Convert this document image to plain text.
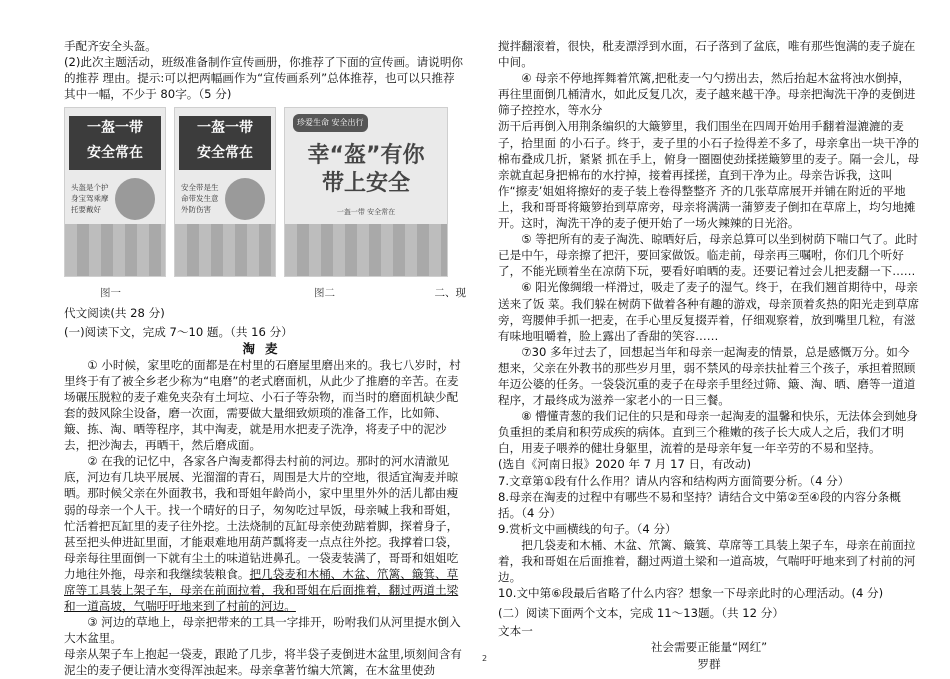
手配齐安全头盔。

(2)此次主题活动，班级准备制作宣传画册，你推荐了下面的宣传画。请说明你的推荐 理由。提示:可以把两幅画作为“宣传画系列”总体推荐，也可以只推荐其中一幅，不少于 80字。（5 分)

一盔一带
安全常在
头盔是个护身宝驾乘摩托要戴好
一盔一带
安全常在
安全带是生命带发生意外防伤害
珍爱生命 安全出行
幸“盔”有你
带上安全
一盔一带 安全常在
图一	图二	二、现

代文阅读(共 28 分)

(一)阅读下文，完成 7〜10 题。（共 16 分）

淘麦

① 小时候，家里吃的面都是在村里的石磨屋里磨出来的。我七八岁时，村里终于有了被全乡老少称为“电磨”的老式磨面机，从此少了推磨的辛苦。在麦场碾压脱粒的麦子难免夹杂有土坷垃、小石子等杂物，而当时的磨面机缺少配套的鼓风除尘设备，磨一次面，需要做大量细致烦琐的准备工作，比如筛、簸、拣、淘、晒等程序，其中淘麦，就是用水把麦子洗净，将麦子中的泥沙去，把沙淘去，再晒干，然后磨成面。

② 在我的记忆中，各家各户淘麦都得去村前的河边。那时的河水清澈见底，河边有几块平展展、光溜溜的青石，周围是大片的空地，很适宜淘麦并晾晒。那时候父亲在外面教书，我和哥姐年龄尚小，家中里里外外的活儿都由瘦弱的母亲一个人干。找一个晴好的日子，匆匆吃过早饭，母亲喊上我和哥姐，忙活着把瓦缸里的麦子往外挖。土法烧制的瓦缸母亲使劲踮着脚，探着身子，甚至把头伸进缸里面，才能艰难地用葫芦瓢将麦一点点往外挖。我撑着口袋，母亲每往里面倒一下就有尘土的味道钻进鼻孔。一袋麦装满了，哥哥和姐姐吃力地往外拖，母亲和我继续装粮食。把几袋麦和木桶、木盆、笊篱、簸箕、草席等工具装上架子车，母亲在前面拉着，我和哥姐在后面推着，翻过两道土梁和一道高坡，气喘吁吁地来到了村前的河边。

③ 河边的草地上，母亲把带来的工具一字排开，吩咐我们从河里提水倒入大木盆里。

母亲从架子车上抱起一袋麦，跟跄了几步，将半袋子麦倒进木盆里,顷刻间含有泥尘的麦子便让清水变得浑浊起来。母亲拿著竹编大笊篱，在木盆里使劲

搅拌翻滚着，很快，秕麦漂浮到水面，石子落到了盆底，唯有那些饱满的麦子旋在中间。

④ 母亲不停地挥舞着笊篱,把秕麦一勺勺捞出去，然后抬起木盆将浊水倒掉，再往里面倒几桶清水，如此反复几次，麦子越来越干净。母亲把淘洗干净的麦倒进筛子控控水，等水分

沥干后再倒入用荆条编织的大簸箩里，我们围坐在四周开始用手翻着湿漉漉的麦子，拾里面 的小石子。终于，麦子里的小石子捡得差不多了，母亲拿出一块干净的棉布叠成几折，紧紧 抓在手上，俯身一圈圈使劲揉搓簸箩里的麦子。隔一会儿，母亲就直起身把棉布的水拧掉，接着再揉搓，直到干净为止。母亲告诉我，这叫作“擦麦’姐姐将擦好的麦子装上卷得整整齐 齐的几张草席展开并铺在附近的平地上，我和哥哥将簸箩抬到草席旁，母亲将满满一蒲箩麦子倒扣在草席上，均匀地摊开。这时，淘洗干净的麦子便开始了一场火辣辣的日光浴。

⑤ 等把所有的麦子淘洗、晾晒好后，母亲总算可以坐到树荫下喘口气了。此时已是中午，母亲擦了把汗，要回家做饭。临走前，母亲再三嘱咐，你们几个听好了，不能光顾着坐在凉荫下玩，要看好咱晒的麦。还要记着过会儿把麦翻一下……

⑥ 阳光像绸缎一样滑过，吸走了麦子的湿气。终于，在我们翘首期待中，母亲送来了饭 菜。我们躲在树荫下做着各种有趣的游戏，母亲顶着炙热的阳光走到草席旁，弯腰伸手抓一把麦，在手心里反复掇弄着，仔细观察着，放到嘴里几粒，有滋有味地咀嚼着，脸上露出了香甜的笑容……

⑦30 多年过去了，回想起当年和母亲一起淘麦的情景，总是感慨万分。如今想来，父亲在外教书的那些岁月里，弱不禁风的母亲扶扯着三个孩子，承担着照顾年迈公婆的任务。一袋袋沉重的麦子在母亲手里经过筛、簸、淘、晒、磨等一道道程序，才最终成为滋养一家老小的一日三餐。

⑧ 懵懂青葱的我们记住的只是和母亲一起淘麦的温馨和快乐，无法体会到她身负重担的柔肩和积劳成疾的病体。直到三个稚嫩的孩子长大成人之后，我们才明白，用麦子喂养的健壮身躯里，流着的是母亲年复一年辛劳的不易和坚持。

(选自《河南日报》2020 年 7 月 17 日，有改动)

7.文章第①段有什么作用？请从内容和结构两方面简要分析。（4 分）

8.母亲在淘麦的过程中有哪些不易和坚持？请结合文中第②至④段的内容分条概括。（4 分）

9.赏析文中画横线的句子。（4 分）

把几袋麦和木桶、木盆、笊篱、簸箕、草席等工具装上架子车，母亲在前面拉着，我和哥姐在后面推着，翻过两道土梁和一道高坡，气喘吁吁地来到了村前的河边。

10.文中第⑥段最后省略了什么内容？想象一下母亲此时的心理活动。(4 分)

(二）阅读下面两个文本，完成 11〜13题。（共 12 分）

文本一

社会需要正能量“网红”

罗群

2
